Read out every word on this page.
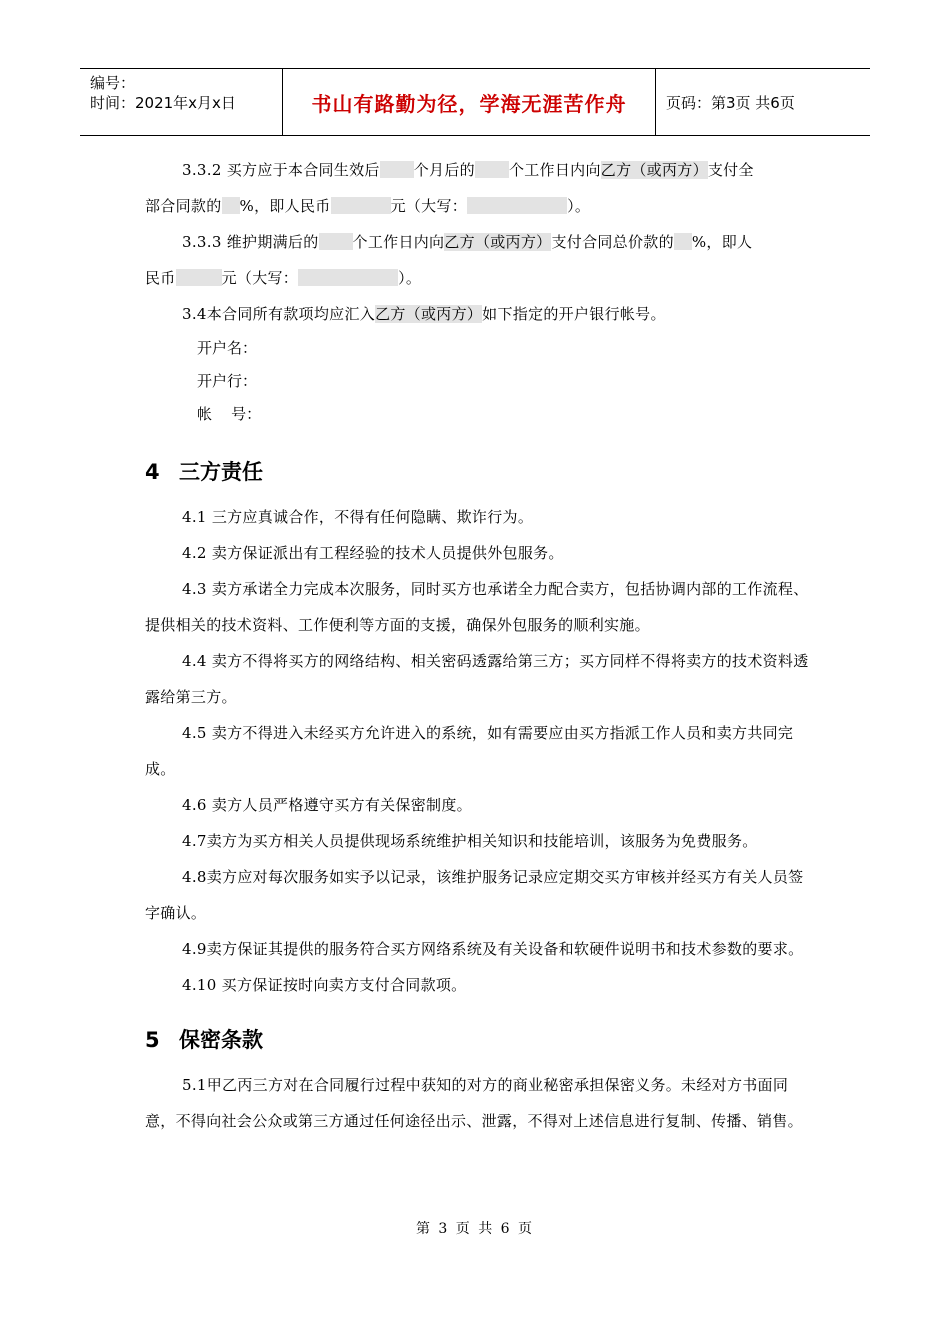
编号：
时间：2021年x月x日	书山有路勤为径，学海无涯苦作舟	页码：第3页 共6页

3.3.2 买方应于本合同生效后 个月后的 个工作日内向乙方（或丙方）支付全
部合同款的 %，即人民币	元（大写：	）。

3.3.3 维护期满后的 个工作日内向乙方（或丙方）支付合同总价款的 %，即人
民币	元（大写：	）。

3.4本合同所有款项均应汇入乙方（或丙方）如下指定的开户银行帐号。

开户名：

开户行：

帐    号：

4 三方责任

4.1 三方应真诚合作，不得有任何隐瞒、欺诈行为。

4.2 卖方保证派出有工程经验的技术人员提供外包服务。

4.3 卖方承诺全力完成本次服务，同时买方也承诺全力配合卖方，包括协调内部的工作流程、提供相关的技术资料、工作便利等方面的支援，确保外包服务的顺利实施。

4.4 卖方不得将买方的网络结构、相关密码透露给第三方；买方同样不得将卖方的技术资料透露给第三方。

4.5 卖方不得进入未经买方允许进入的系统，如有需要应由买方指派工作人员和卖方共同完成。

4.6 卖方人员严格遵守买方有关保密制度。

4.7卖方为买方相关人员提供现场系统维护相关知识和技能培训，该服务为免费服务。

4.8卖方应对每次服务如实予以记录，该维护服务记录应定期交买方审核并经买方有关人员签字确认。

4.9卖方保证其提供的服务符合买方网络系统及有关设备和软硬件说明书和技术参数的要求。

4.10 买方保证按时向卖方支付合同款项。

5 保密条款

5.1甲乙丙三方对在合同履行过程中获知的对方的商业秘密承担保密义务。未经对方书面同意，不得向社会公众或第三方通过任何途径出示、泄露，不得对上述信息进行复制、传播、销售。

第 3 页 共 6 页
